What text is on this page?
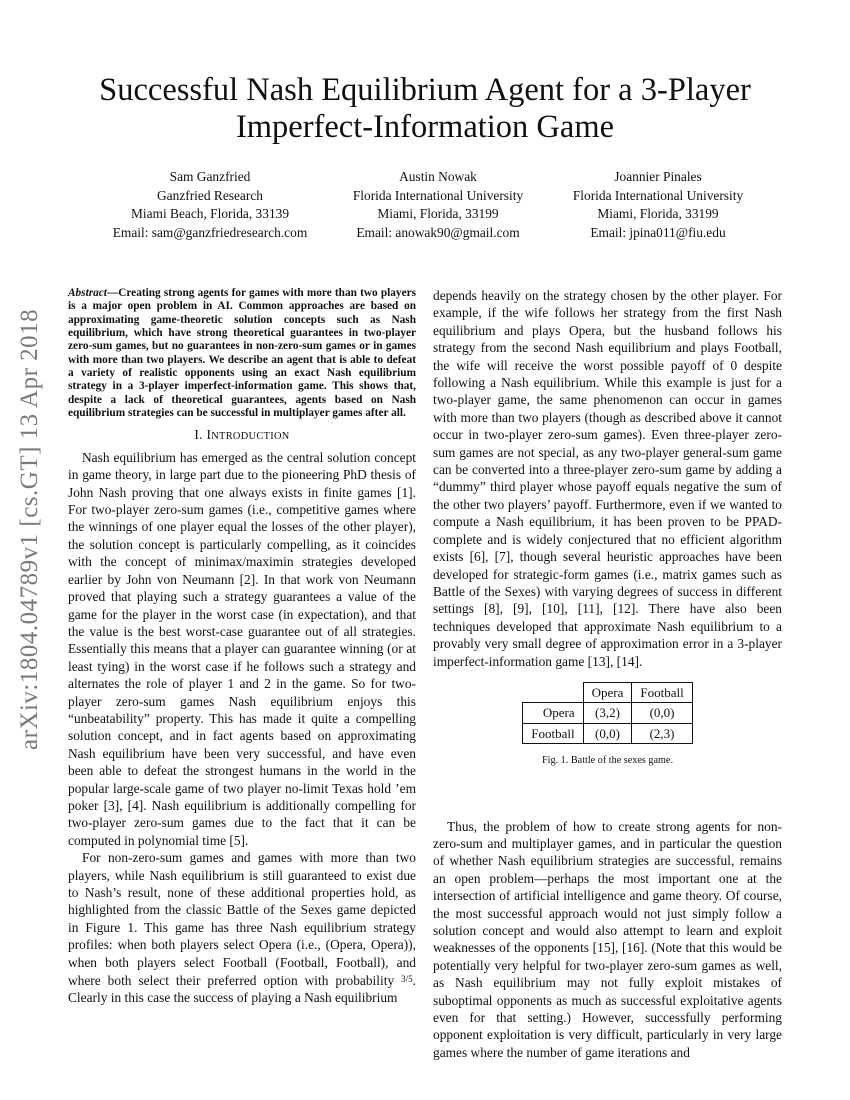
Successful Nash Equilibrium Agent for a 3-Player
Imperfect-Information Game
Sam Ganzfried
Ganzfried Research
Miami Beach, Florida, 33139
Email: sam@ganzfriedresearch.com
Austin Nowak
Florida International University
Miami, Florida, 33199
Email: anowak90@gmail.com
Joannier Pinales
Florida International University
Miami, Florida, 33199
Email: jpina011@fiu.edu
arXiv:1804.04789v1 [cs.GT] 13 Apr 2018

Abstract—Creating strong agents for games with more than two players is a major open problem in AI. Common approaches are based on approximating game-theoretic solution concepts such as Nash equilibrium, which have strong theoretical guarantees in two-player zero-sum games, but no guarantees in non-zero-sum games or in games with more than two players. We describe an agent that is able to defeat a variety of realistic opponents using an exact Nash equilibrium strategy in a 3-player imperfect-information game. This shows that, despite a lack of theoretical guarantees, agents based on Nash equilibrium strategies can be successful in multiplayer games after all.

I. INTRODUCTION

Nash equilibrium has emerged as the central solution concept in game theory, in large part due to the pioneering PhD thesis of John Nash proving that one always exists in finite games [1]. For two-player zero-sum games (i.e., competitive games where the winnings of one player equal the losses of the other player), the solution concept is particularly compelling, as it coincides with the concept of minimax/maximin strategies developed earlier by John von Neumann [2]. In that work von Neumann proved that playing such a strategy guarantees a value of the game for the player in the worst case (in expectation), and that the value is the best worst-case guarantee out of all strategies. Essentially this means that a player can guarantee winning (or at least tying) in the worst case if he follows such a strategy and alternates the role of player 1 and 2 in the game. So for two-player zero-sum games Nash equilibrium enjoys this “unbeatability” property. This has made it quite a compelling solution concept, and in fact agents based on approximating Nash equilibrium have been very successful, and have even been able to defeat the strongest humans in the world in the popular large-scale game of two player no-limit Texas hold ’em poker [3], [4]. Nash equilibrium is additionally compelling for two-player zero-sum games due to the fact that it can be computed in polynomial time [5].

For non-zero-sum games and games with more than two players, while Nash equilibrium is still guaranteed to exist due to Nash’s result, none of these additional properties hold, as highlighted from the classic Battle of the Sexes game depicted in Figure 1. This game has three Nash equilibrium strategy profiles: when both players select Opera (i.e., (Opera, Opera)), when both players select Football (Football, Football), and where both select their preferred option with probability $^{3/5}$. Clearly in this case the success of playing a Nash equilibrium

depends heavily on the strategy chosen by the other player. For example, if the wife follows her strategy from the first Nash equilibrium and plays Opera, but the husband follows his strategy from the second Nash equilibrium and plays Football, the wife will receive the worst possible payoff of 0 despite following a Nash equilibrium. While this example is just for a two-player game, the same phenomenon can occur in games with more than two players (though as described above it cannot occur in two-player zero-sum games). Even three-player zero-sum games are not special, as any two-player general-sum game can be converted into a three-player zero-sum game by adding a “dummy” third player whose payoff equals negative the sum of the other two players’ payoff. Furthermore, even if we wanted to compute a Nash equilibrium, it has been proven to be PPAD-complete and is widely conjectured that no efficient algorithm exists [6], [7], though several heuristic approaches have been developed for strategic-form games (i.e., matrix games such as Battle of the Sexes) with varying degrees of success in different settings [8], [9], [10], [11], [12]. There have also been techniques developed that approximate Nash equilibrium to a provably very small degree of approximation error in a 3-player imperfect-information game [13], [14].

	Opera	Football
Opera	(3,2)	(0,0)
Football	(0,0)	(2,3)
Fig. 1. Battle of the sexes game.

Thus, the problem of how to create strong agents for non-zero-sum and multiplayer games, and in particular the question of whether Nash equilibrium strategies are successful, remains an open problem—perhaps the most important one at the intersection of artificial intelligence and game theory. Of course, the most successful approach would not just simply follow a solution concept and would also attempt to learn and exploit weaknesses of the opponents [15], [16]. (Note that this would be potentially very helpful for two-player zero-sum games as well, as Nash equilibrium may not fully exploit mistakes of suboptimal opponents as much as successful exploitative agents even for that setting.) However, successfully performing opponent exploitation is very difficult, particularly in very large games where the number of game iterations and
